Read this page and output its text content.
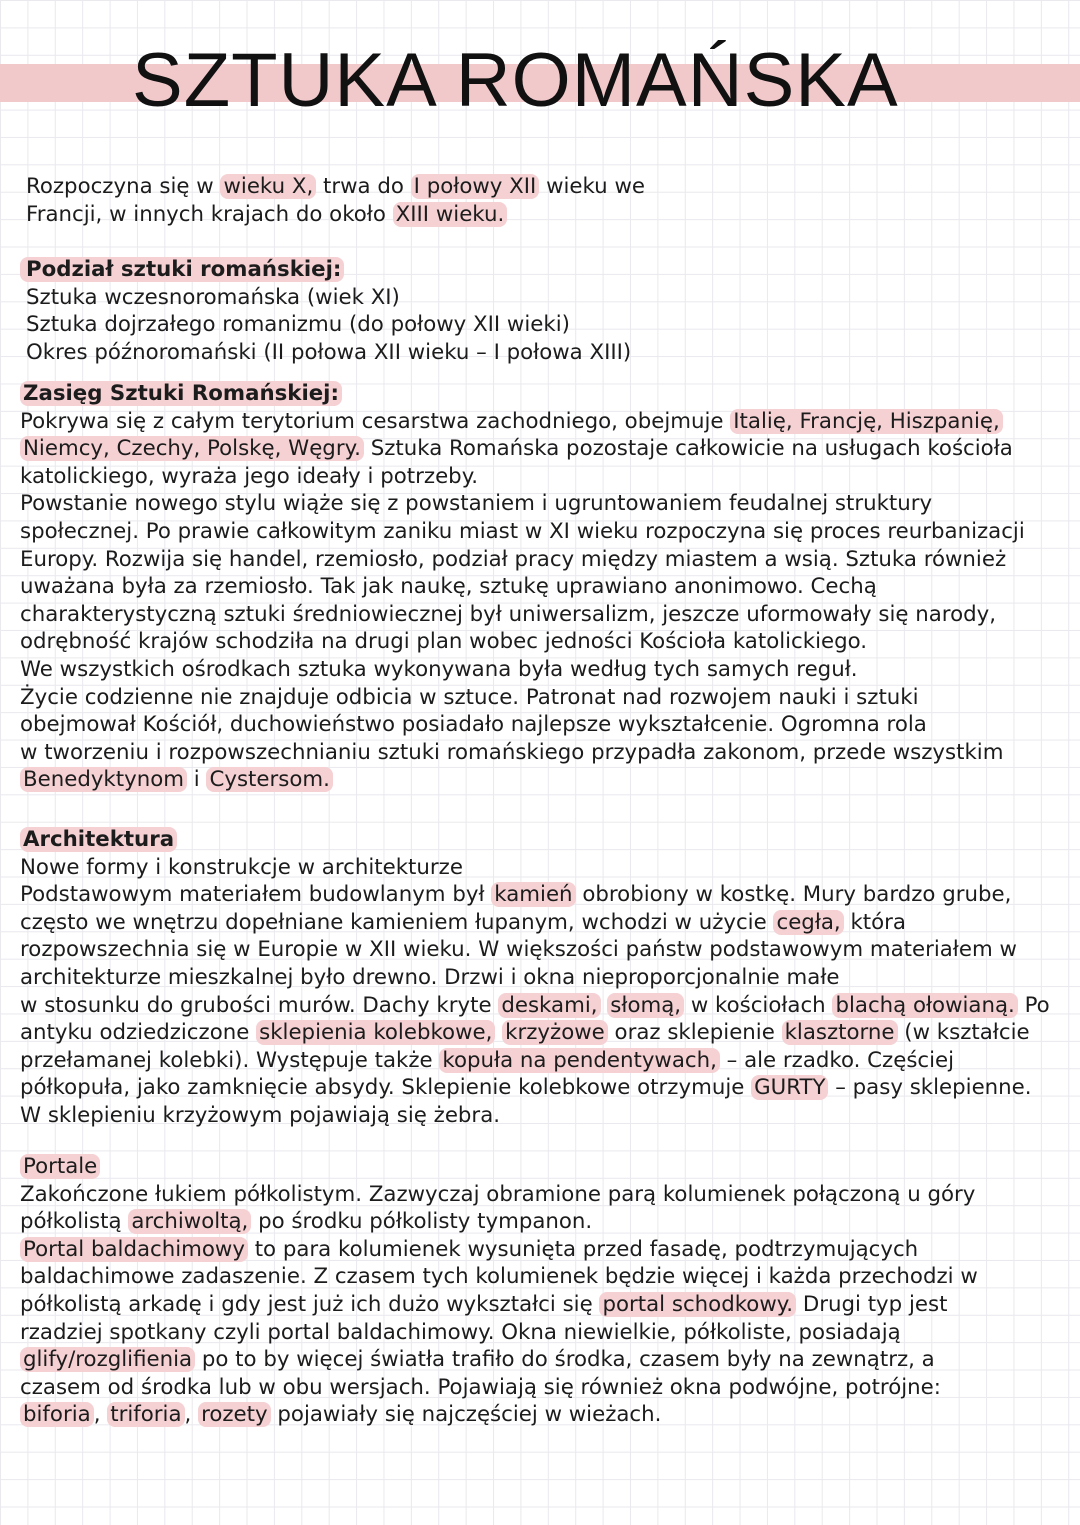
SZTUKA ROMAŃSKA
Rozpoczyna się w wieku X, trwa do I połowy XII wieku we
Francji, w innych krajach do około XIII wieku.
Podział sztuki romańskiej:
Sztuka wczesnoromańska (wiek XI)
Sztuka dojrzałego romanizmu (do połowy XII wieki)
Okres późnoromański (II połowa XII wieku – I połowa XIII)
Zasięg Sztuki Romańskiej:
Pokrywa się z całym terytorium cesarstwa zachodniego, obejmuje Italię, Francję, Hiszpanię,
Niemcy, Czechy, Polskę, Węgry. Sztuka Romańska pozostaje całkowicie na usługach kościoła
katolickiego, wyraża jego ideały i potrzeby.
Powstanie nowego stylu wiąże się z powstaniem i ugruntowaniem feudalnej struktury
społecznej. Po prawie całkowitym zaniku miast w XI wieku rozpoczyna się proces reurbanizacji
Europy. Rozwija się handel, rzemiosło, podział pracy między miastem a wsią. Sztuka również
uważana była za rzemiosło. Tak jak naukę, sztukę uprawiano anonimowo. Cechą
charakterystyczną sztuki średniowiecznej był uniwersalizm, jeszcze uformowały się narody,
odrębność krajów schodziła na drugi plan wobec jedności Kościoła katolickiego.
We wszystkich ośrodkach sztuka wykonywana była według tych samych reguł.
Życie codzienne nie znajduje odbicia w sztuce. Patronat nad rozwojem nauki i sztuki
obejmował Kościół, duchowieństwo posiadało najlepsze wykształcenie. Ogromna rola
w tworzeniu i rozpowszechnianiu sztuki romańskiego przypadła zakonom, przede wszystkim
Benedyktynom i Cystersom.
Architektura
Nowe formy i konstrukcje w architekturze
Podstawowym materiałem budowlanym był kamień obrobiony w kostkę. Mury bardzo grube,
często we wnętrzu dopełniane kamieniem łupanym, wchodzi w użycie cegła, która
rozpowszechnia się w Europie w XII wieku. W większości państw podstawowym materiałem w
architekturze mieszkalnej było drewno. Drzwi i okna nieproporcjonalnie małe
w stosunku do grubości murów. Dachy kryte deskami, słomą, w kościołach blachą ołowianą. Po
antyku odziedziczone sklepienia kolebkowe, krzyżowe oraz sklepienie klasztorne (w kształcie
przełamanej kolebki). Występuje także kopuła na pendentywach, – ale rzadko. Częściej
półkopuła, jako zamknięcie absydy. Sklepienie kolebkowe otrzymuje GURTY – pasy sklepienne.
W sklepieniu krzyżowym pojawiają się żebra.
Portale
Zakończone łukiem półkolistym. Zazwyczaj obramione parą kolumienek połączoną u góry
półkolistą archiwoltą, po środku półkolisty tympanon.
Portal baldachimowy to para kolumienek wysunięta przed fasadę, podtrzymujących
baldachimowe zadaszenie. Z czasem tych kolumienek będzie więcej i każda przechodzi w
półkolistą arkadę i gdy jest już ich dużo wykształci się portal schodkowy. Drugi typ jest
rzadziej spotkany czyli portal baldachimowy. Okna niewielkie, półkoliste, posiadają
glify/rozglifienia po to by więcej światła trafiło do środka, czasem były na zewnątrz, a
czasem od środka lub w obu wersjach. Pojawiają się również okna podwójne, potrójne:
biforia , triforia , rozety pojawiały się najczęściej w wieżach.
